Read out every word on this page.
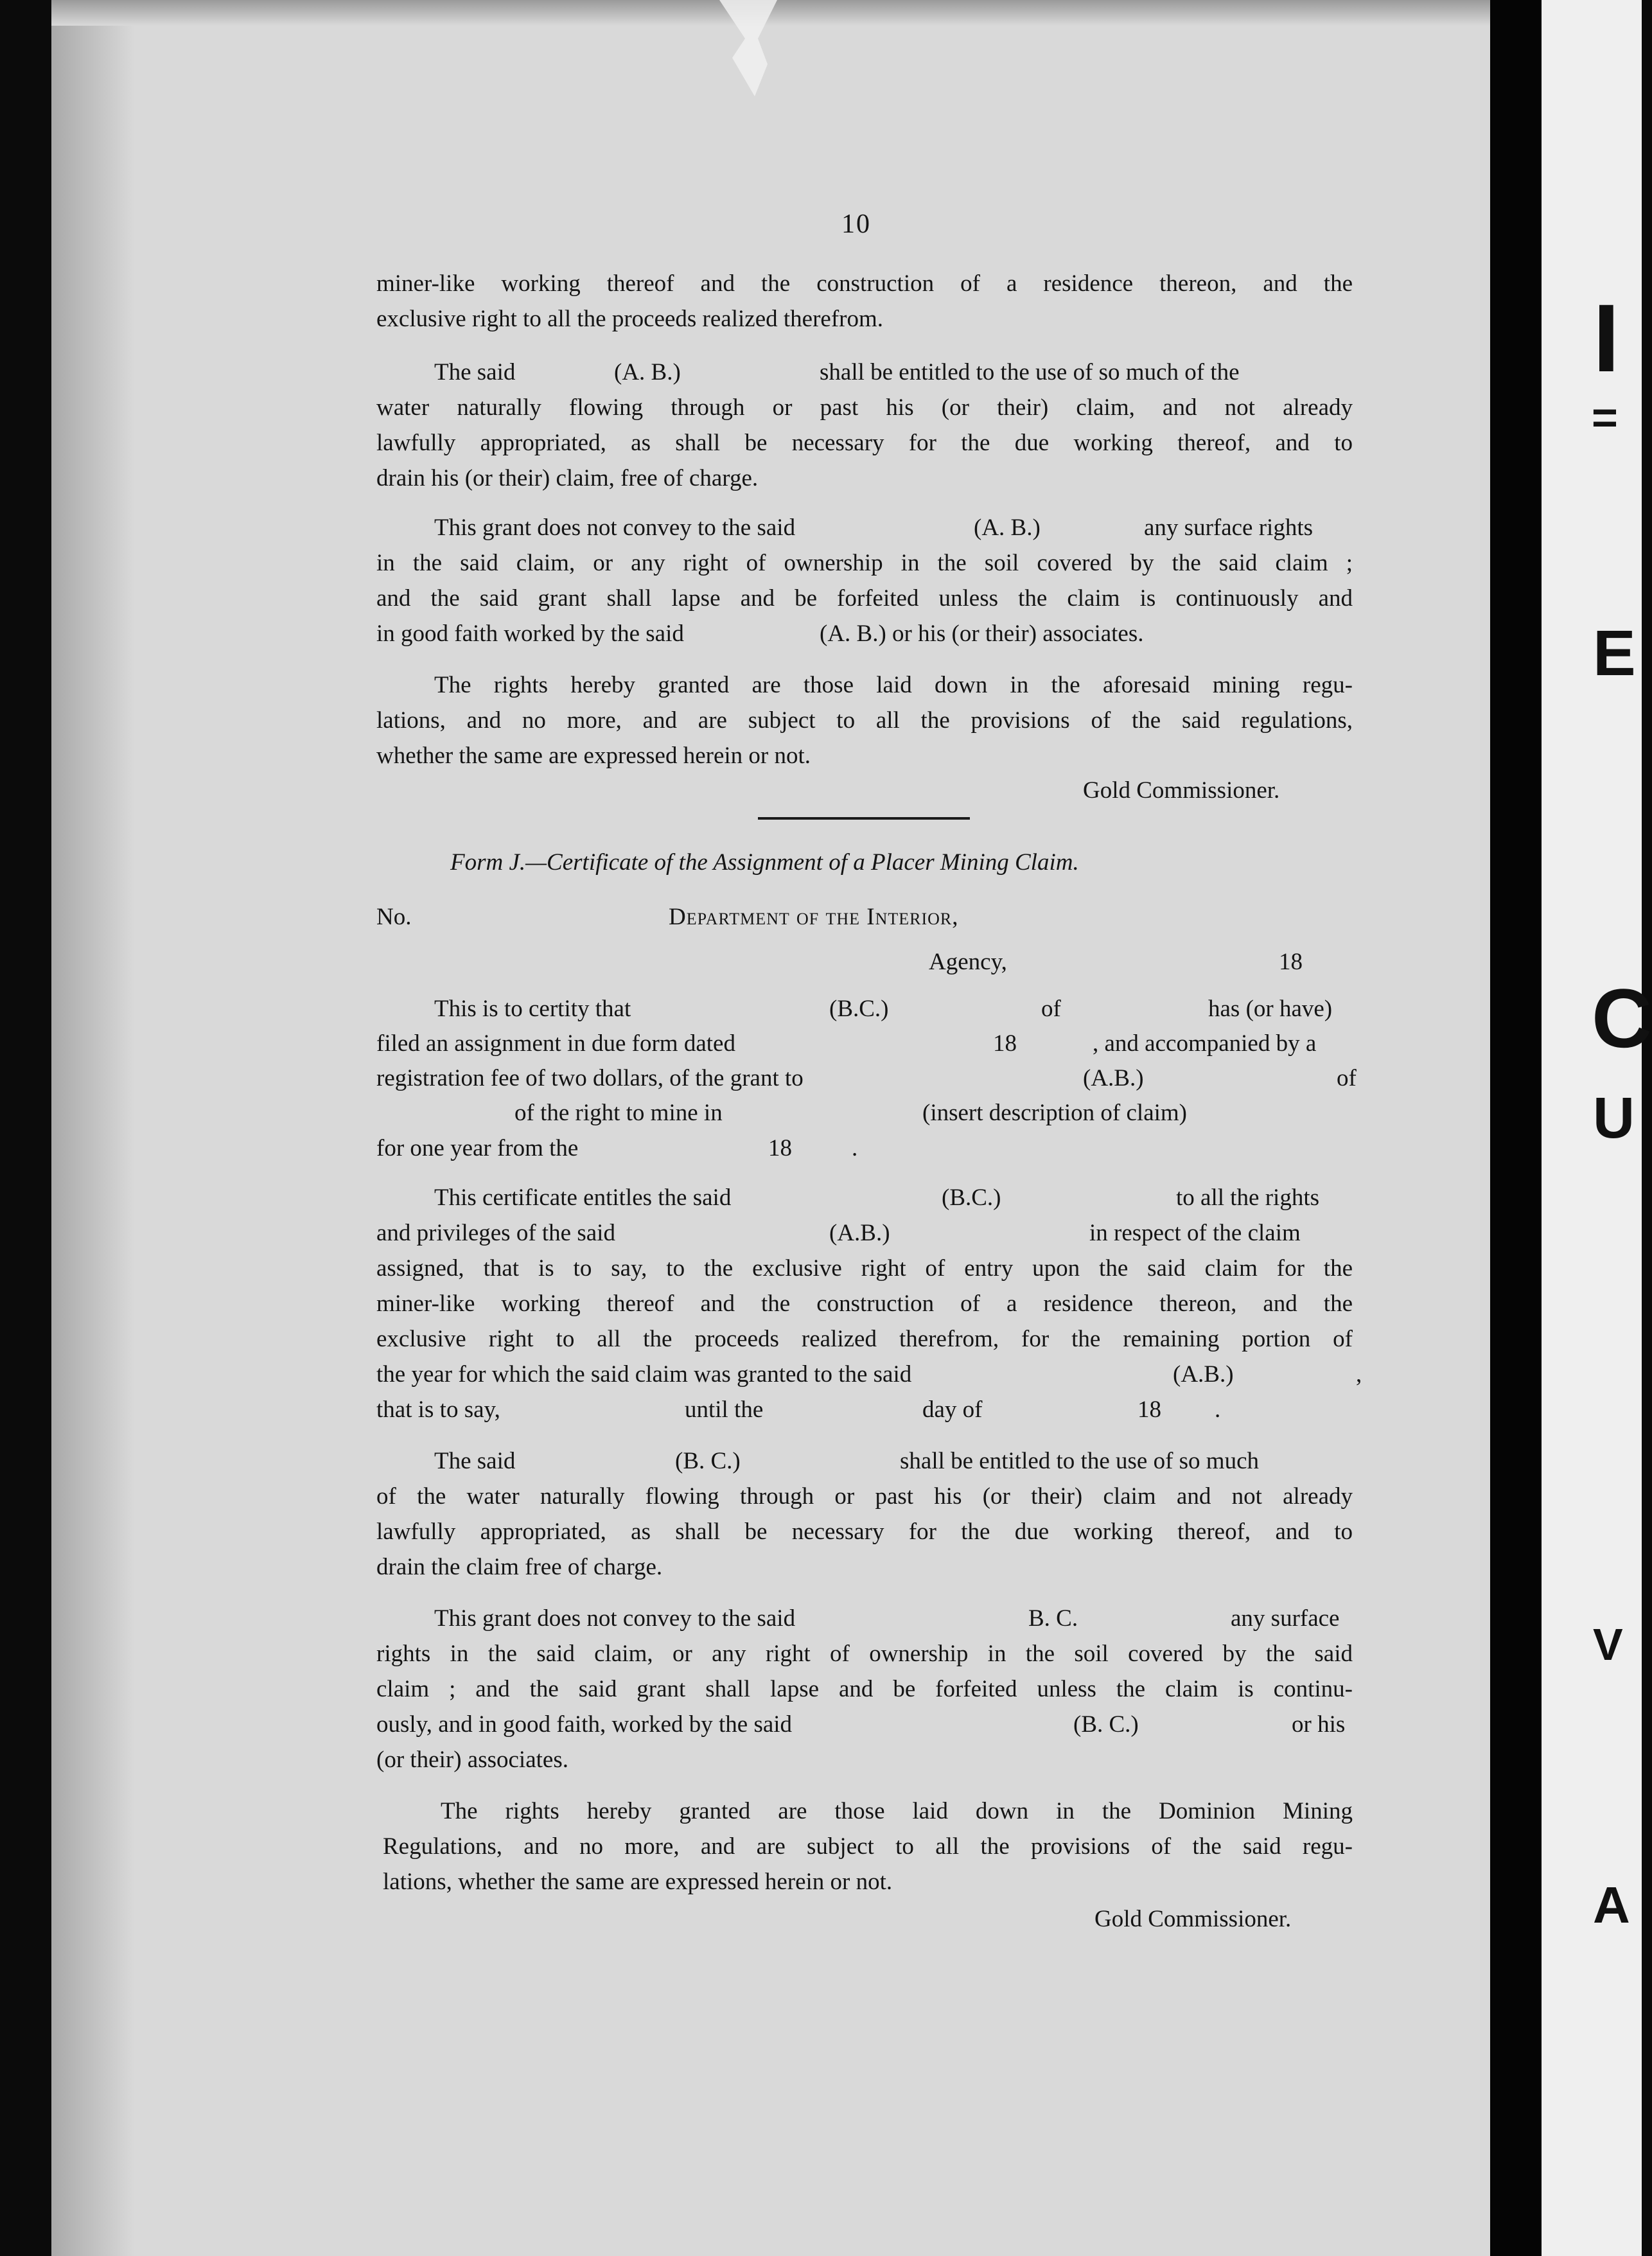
I
=
E
C
U
V
A
10
miner-like working thereof and the construction of a residence thereon, and the
exclusive right to all the proceeds realized therefrom.
The said	(A. B.)	shall be entitled to the use of so much of the
water naturally flowing through or past his (or their) claim, and not already
lawfully appropriated, as shall be necessary for the due working thereof, and to
drain his (or their) claim, free of charge.
This grant does not convey to the said	(A. B.)	any surface rights
in the said claim, or any right of ownership in the soil covered by the said claim ;
and the said grant shall lapse and be forfeited unless the claim is continuously and
in good faith worked by the said	(A. B.) or his (or their) associates.
The rights hereby granted are those laid down in the aforesaid mining regu-
lations, and no more, and are subject to all the provisions of the said regulations,
whether the same are expressed herein or not.
Gold Commissioner.
Form J.—Certificate of the Assignment of a Placer Mining Claim.
No.	Department of the Interior,
Agency,	18
This is to certity that	(B.C.)	of	has (or have)
filed an assignment in due form dated	18	, and accompanied by a
registration fee of two dollars, of the grant to	(A.B.)	of
of the right to mine in	(insert description of claim)
for one year from the	18	.
This certificate entitles the said	(B.C.)	to all the rights
and privileges of the said	(A.B.)	in respect of the claim
assigned, that is to say, to the exclusive right of entry upon the said claim for the
miner-like working thereof and the construction of a residence thereon, and the
exclusive right to all the proceeds realized therefrom, for the remaining portion of
the year for which the said claim was granted to the said	(A.B.)	,
that is to say,	until the	day of	18 .
The said	(B. C.)	shall be entitled to the use of so much
of the water naturally flowing through or past his (or their) claim and not already
lawfully appropriated, as shall be necessary for the due working thereof, and to
drain the claim free of charge.
This grant does not convey to the said	B. C.	any surface
rights in the said claim, or any right of ownership in the soil covered by the said
claim ; and the said grant shall lapse and be forfeited unless the claim is continu-
ously, and in good faith, worked by the said	(B. C.)	or his
(or their) associates.
The rights hereby granted are those laid down in the Dominion Mining
Regulations, and no more, and are subject to all the provisions of the said regu-
lations, whether the same are expressed herein or not.
Gold Commissioner.
